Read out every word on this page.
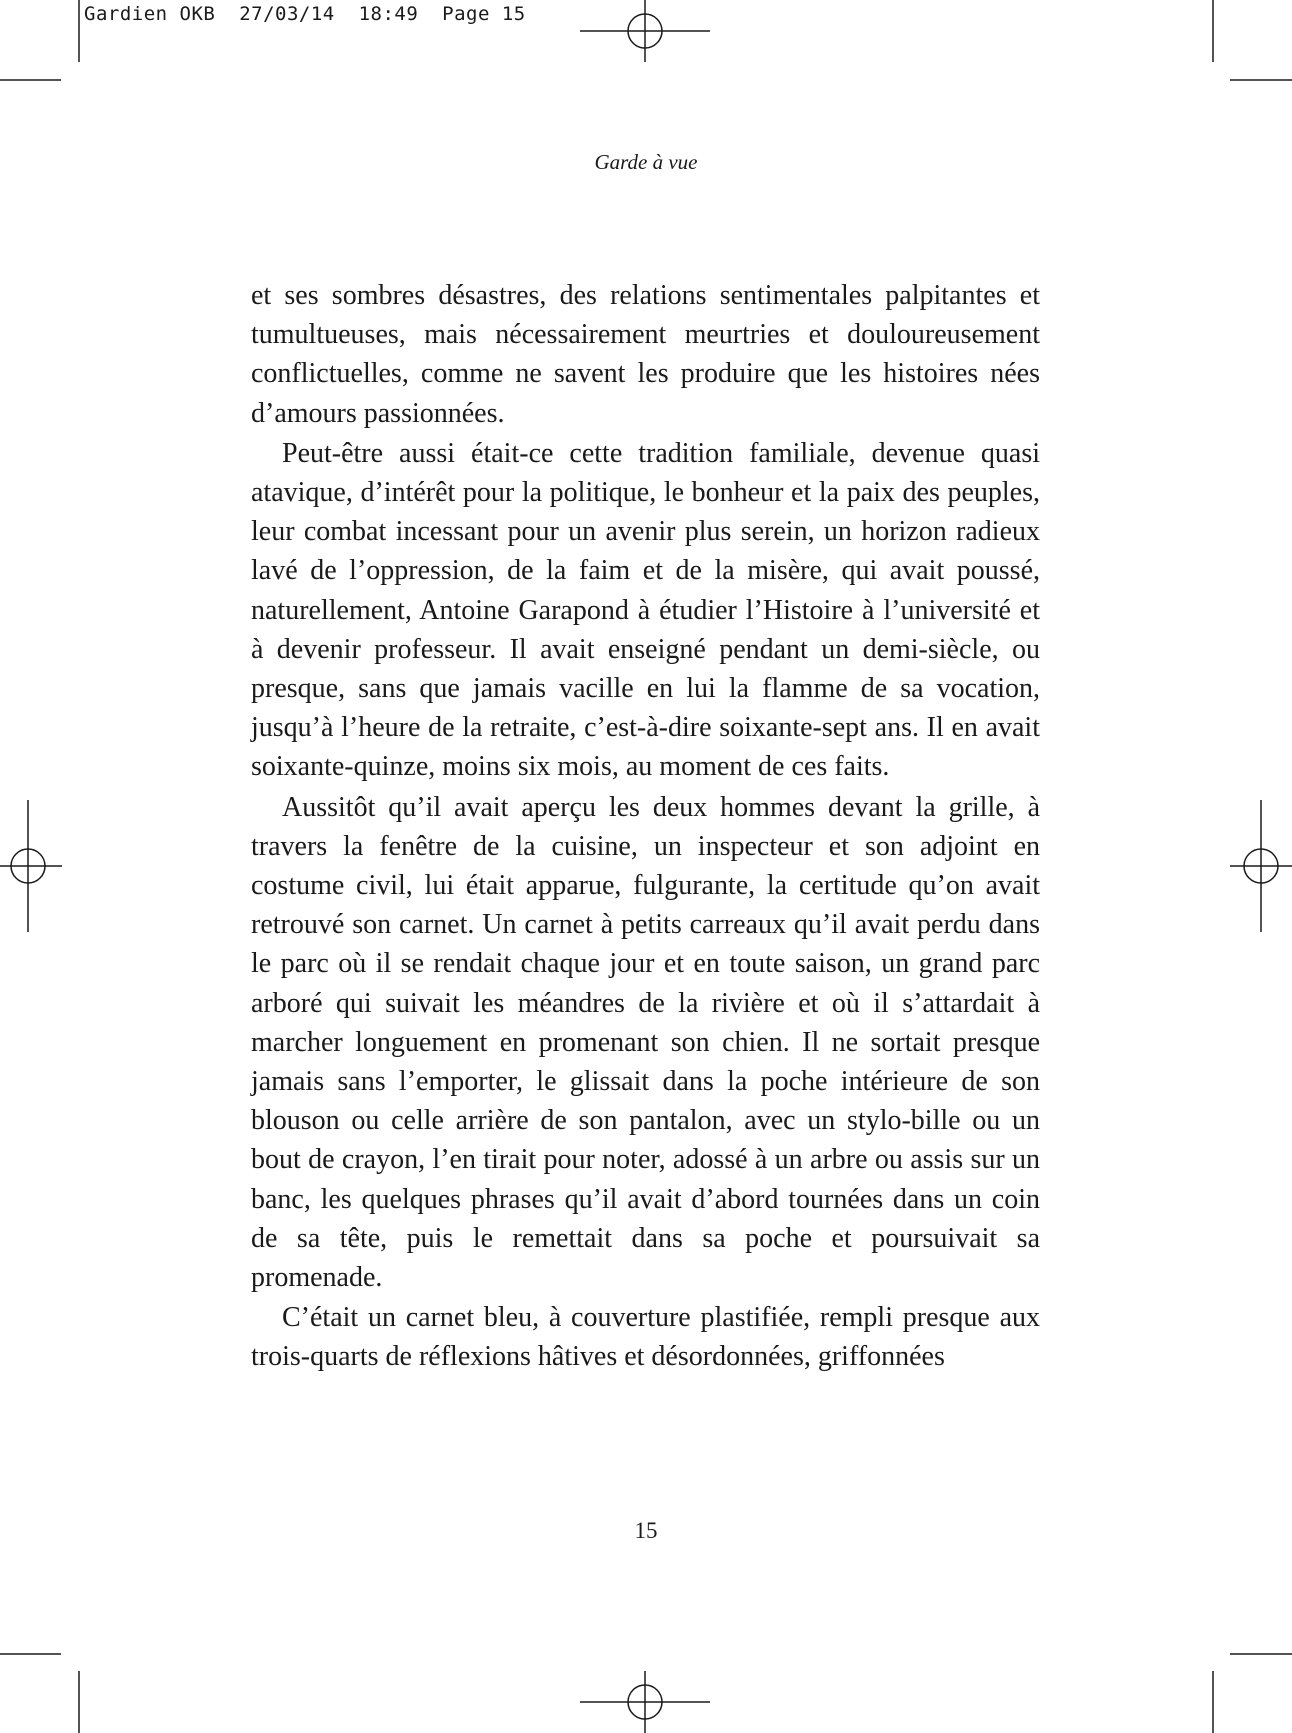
Gardien OKB  27/03/14  18:49  Page 15
Garde à vue

et ses sombres désastres, des relations sentimentales palpitantes et tumultueuses, mais nécessairement meurtries et douloureusement conflictuelles, comme ne savent les produire que les histoires nées d’amours passionnées.

Peut-être aussi était-ce cette tradition familiale, devenue quasi atavique, d’intérêt pour la politique, le bonheur et la paix des peuples, leur combat incessant pour un avenir plus serein, un horizon radieux lavé de l’oppression, de la faim et de la misère, qui avait poussé, naturellement, Antoine Garapond à étudier l’Histoire à l’université et à devenir professeur. Il avait enseigné pendant un demi-siècle, ou presque, sans que jamais vacille en lui la flamme de sa vocation, jusqu’à l’heure de la retraite, c’est-à-dire soixante-sept ans. Il en avait soixante-quinze, moins six mois, au moment de ces faits.

Aussitôt qu’il avait aperçu les deux hommes devant la grille, à travers la fenêtre de la cuisine, un inspecteur et son adjoint en costume civil, lui était apparue, fulgurante, la certitude qu’on avait retrouvé son carnet. Un carnet à petits carreaux qu’il avait perdu dans le parc où il se rendait chaque jour et en toute saison, un grand parc arboré qui suivait les méandres de la rivière et où il s’attardait à marcher longuement en promenant son chien. Il ne sortait presque jamais sans l’emporter, le glissait dans la poche intérieure de son blouson ou celle arrière de son pantalon, avec un stylo-bille ou un bout de crayon, l’en tirait pour noter, adossé à un arbre ou assis sur un banc, les quelques phrases qu’il avait d’abord tournées dans un coin de sa tête, puis le remettait dans sa poche et poursuivait sa promenade.

C’était un carnet bleu, à couverture plastifiée, rempli presque aux trois-quarts de réflexions hâtives et désordonnées, griffonnées

15
